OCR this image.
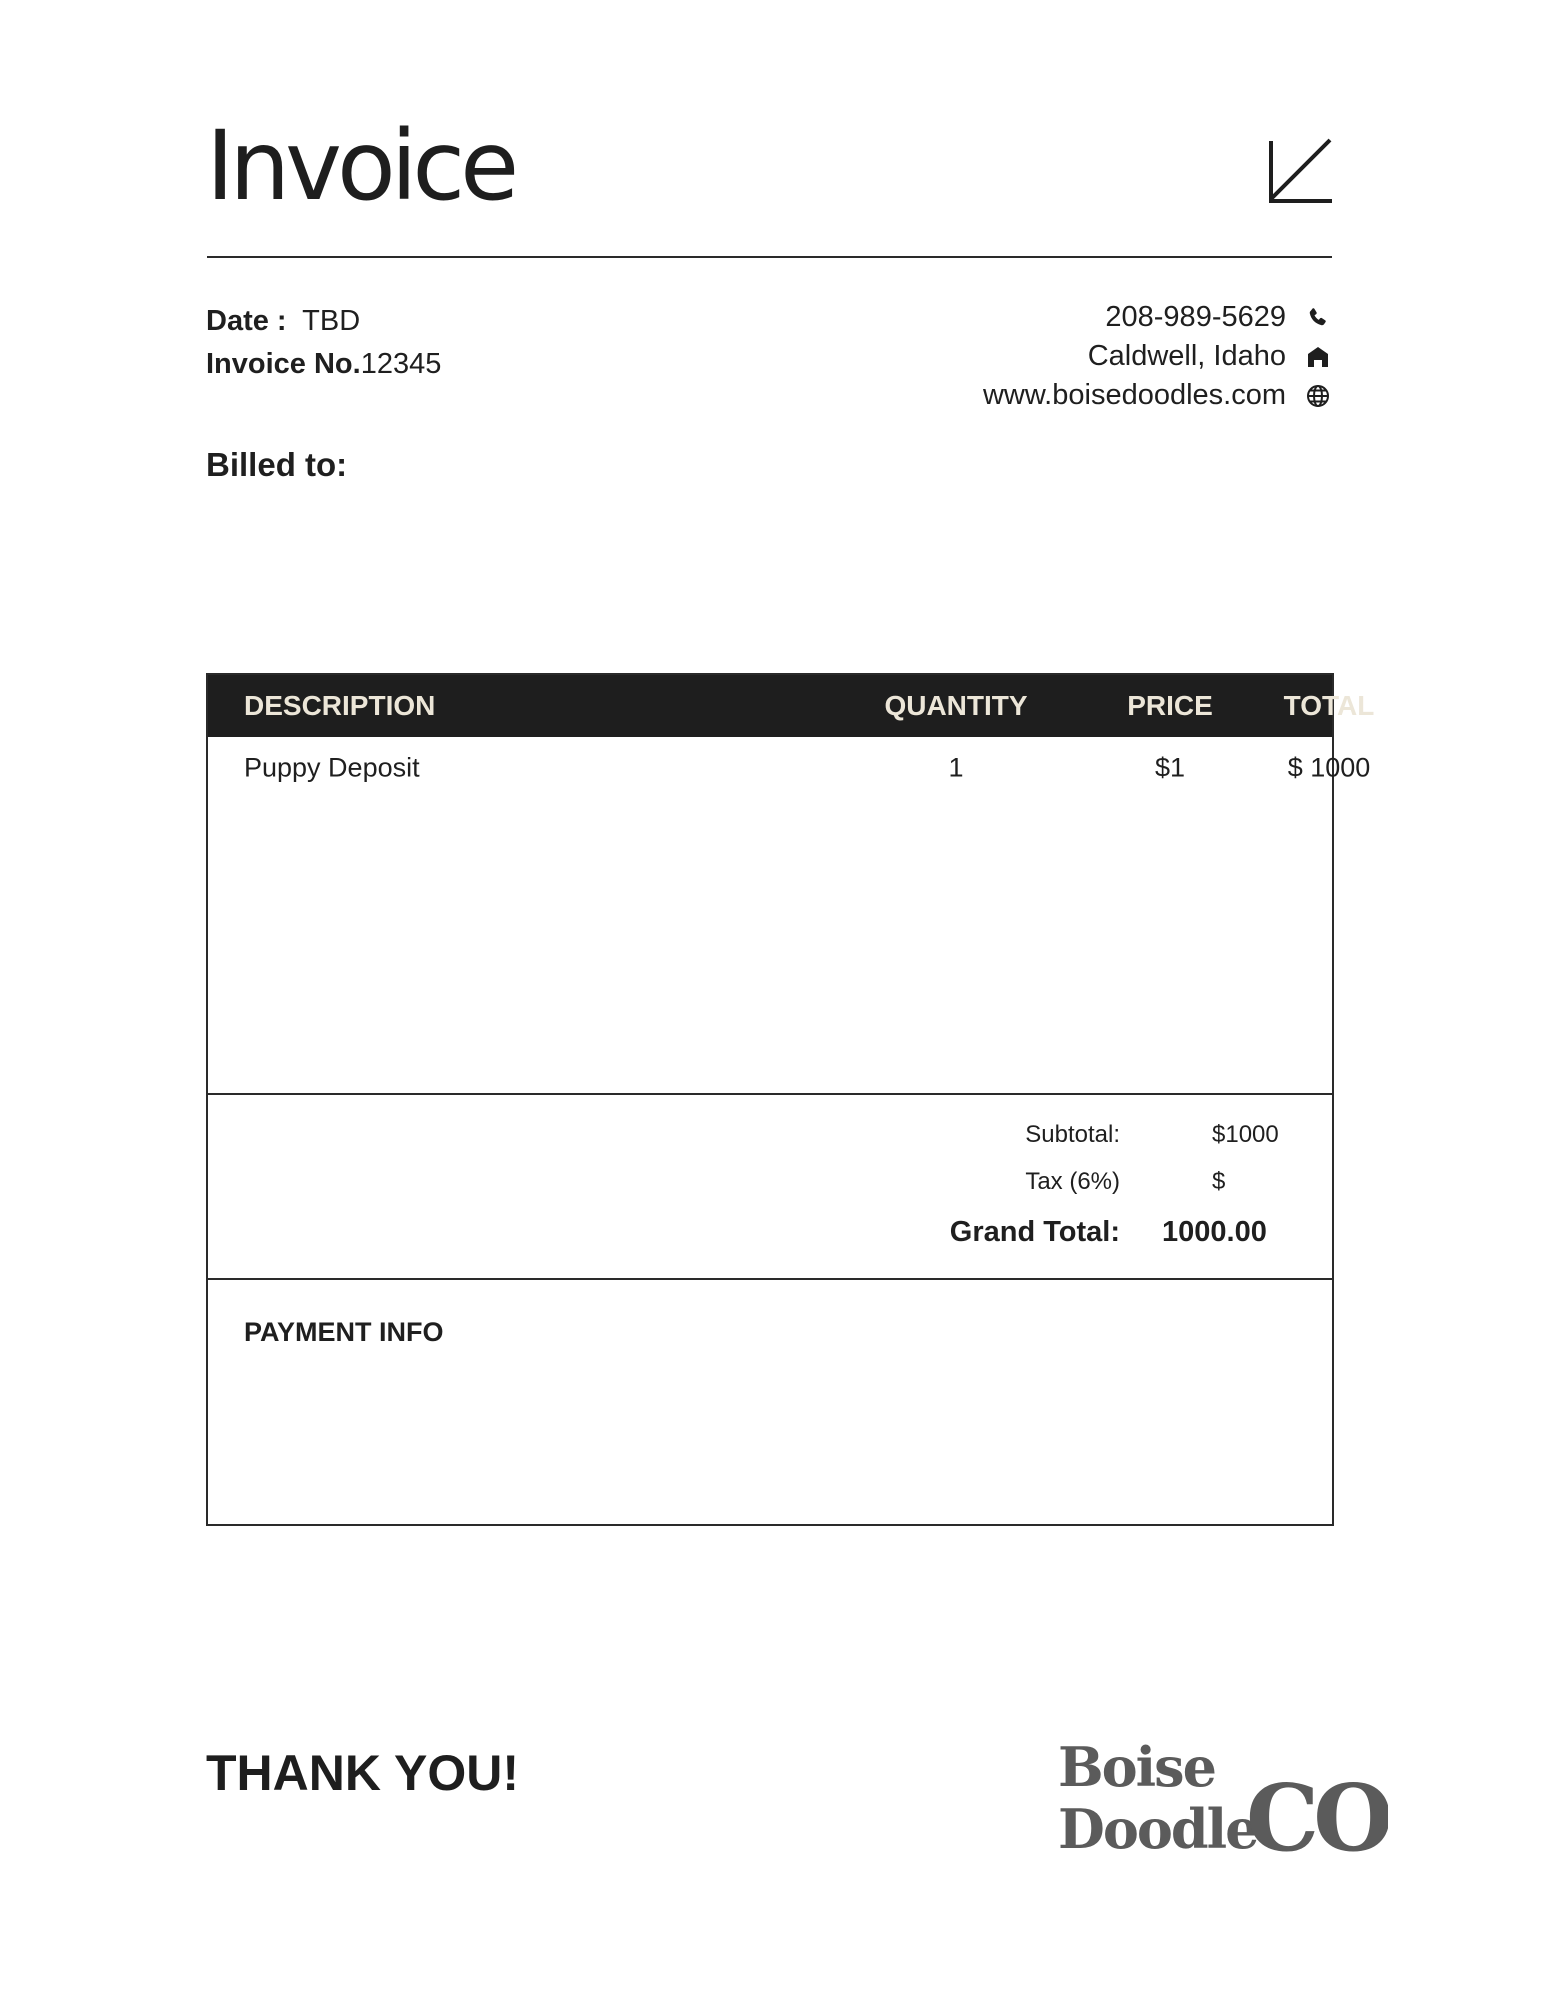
Invoice
Date : TBD
Invoice No.12345
208-989-5629
Caldwell, Idaho
www.boisedoodles.com
Billed to:
DESCRIPTION	QUANTITY	PRICE	TOTAL
Puppy Deposit	1	$1	$ 1000
Subtotal:	$1000
Tax (6%)	$
Grand Total: 1000.00
PAYMENT INFO
THANK YOU!	Boise
Doodle
CO
